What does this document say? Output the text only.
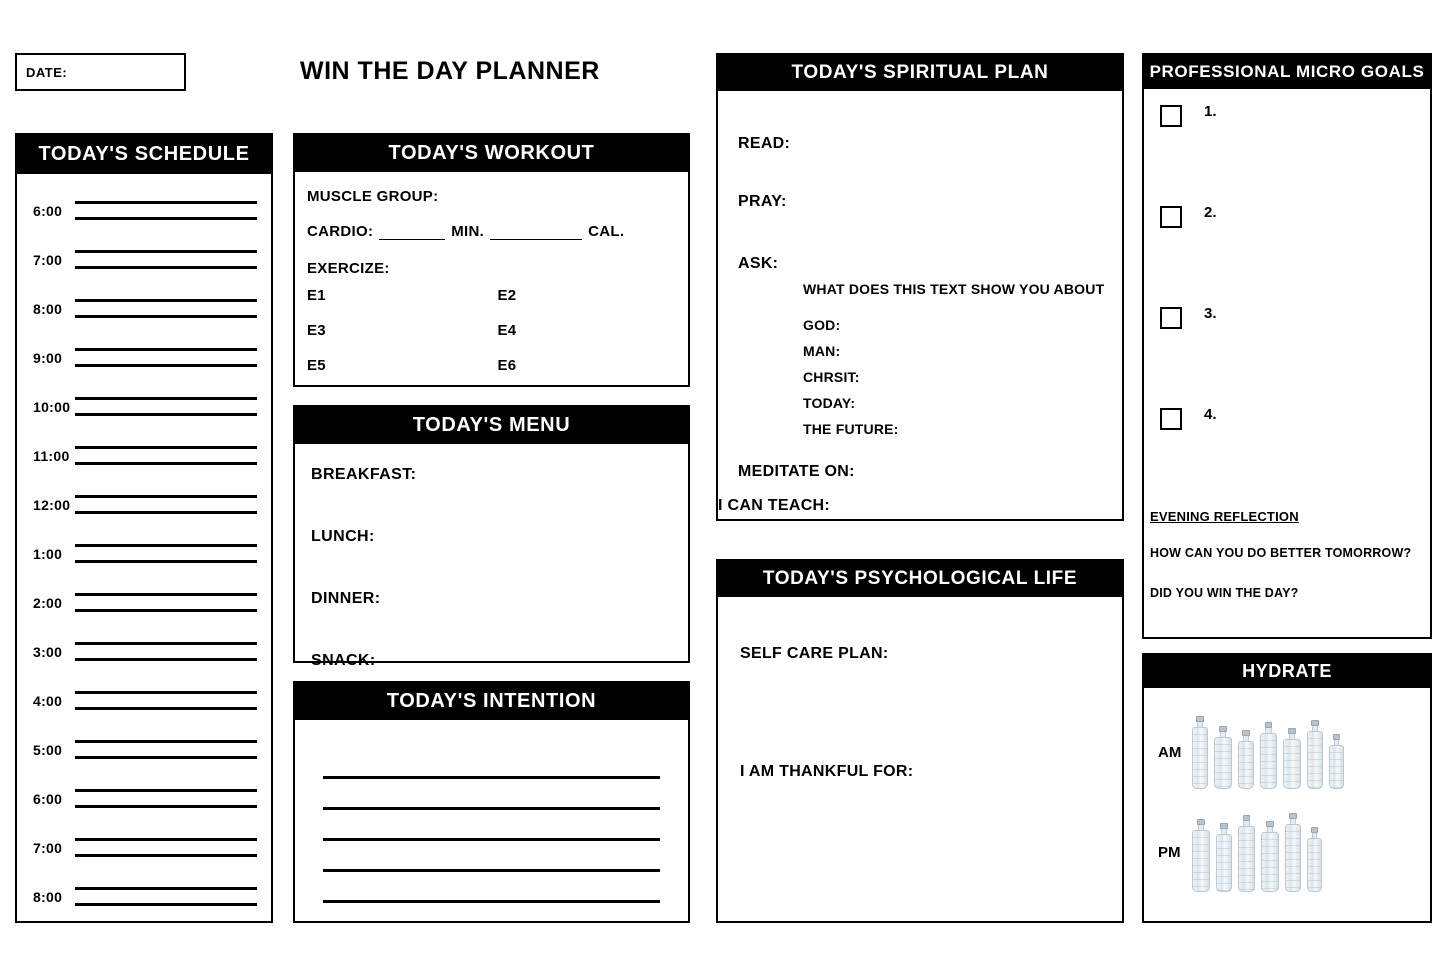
DATE:	WIN THE DAY PLANNER
TODAY'S SCHEDULE
6:00
7:00
8:00
9:00
10:00
11:00
12:00
1:00
2:00
3:00
4:00
5:00
6:00
7:00
8:00
TODAY'S WORKOUT
MUSCLE GROUP:
CARDIO:	MIN.	CAL.
EXERCIZE:
E1	E2
E3	E4
E5	E6
TODAY'S MENU
BREAKFAST:
LUNCH:
DINNER:
SNACK:
TODAY'S INTENTION
TODAY'S SPIRITUAL PLAN
READ:
PRAY:
ASK:
WHAT DOES THIS TEXT SHOW YOU ABOUT
GOD:
MAN:
CHRSIT:
TODAY:
THE FUTURE:
MEDITATE ON:
I CAN TEACH:
TODAY'S PSYCHOLOGICAL LIFE
SELF CARE PLAN:
I AM THANKFUL FOR:
PROFESSIONAL MICRO GOALS
1.
2.
3.
4.
EVENING REFLECTION
HOW CAN YOU DO BETTER TOMORROW?
DID YOU WIN THE DAY?
HYDRATE
AM
PM
